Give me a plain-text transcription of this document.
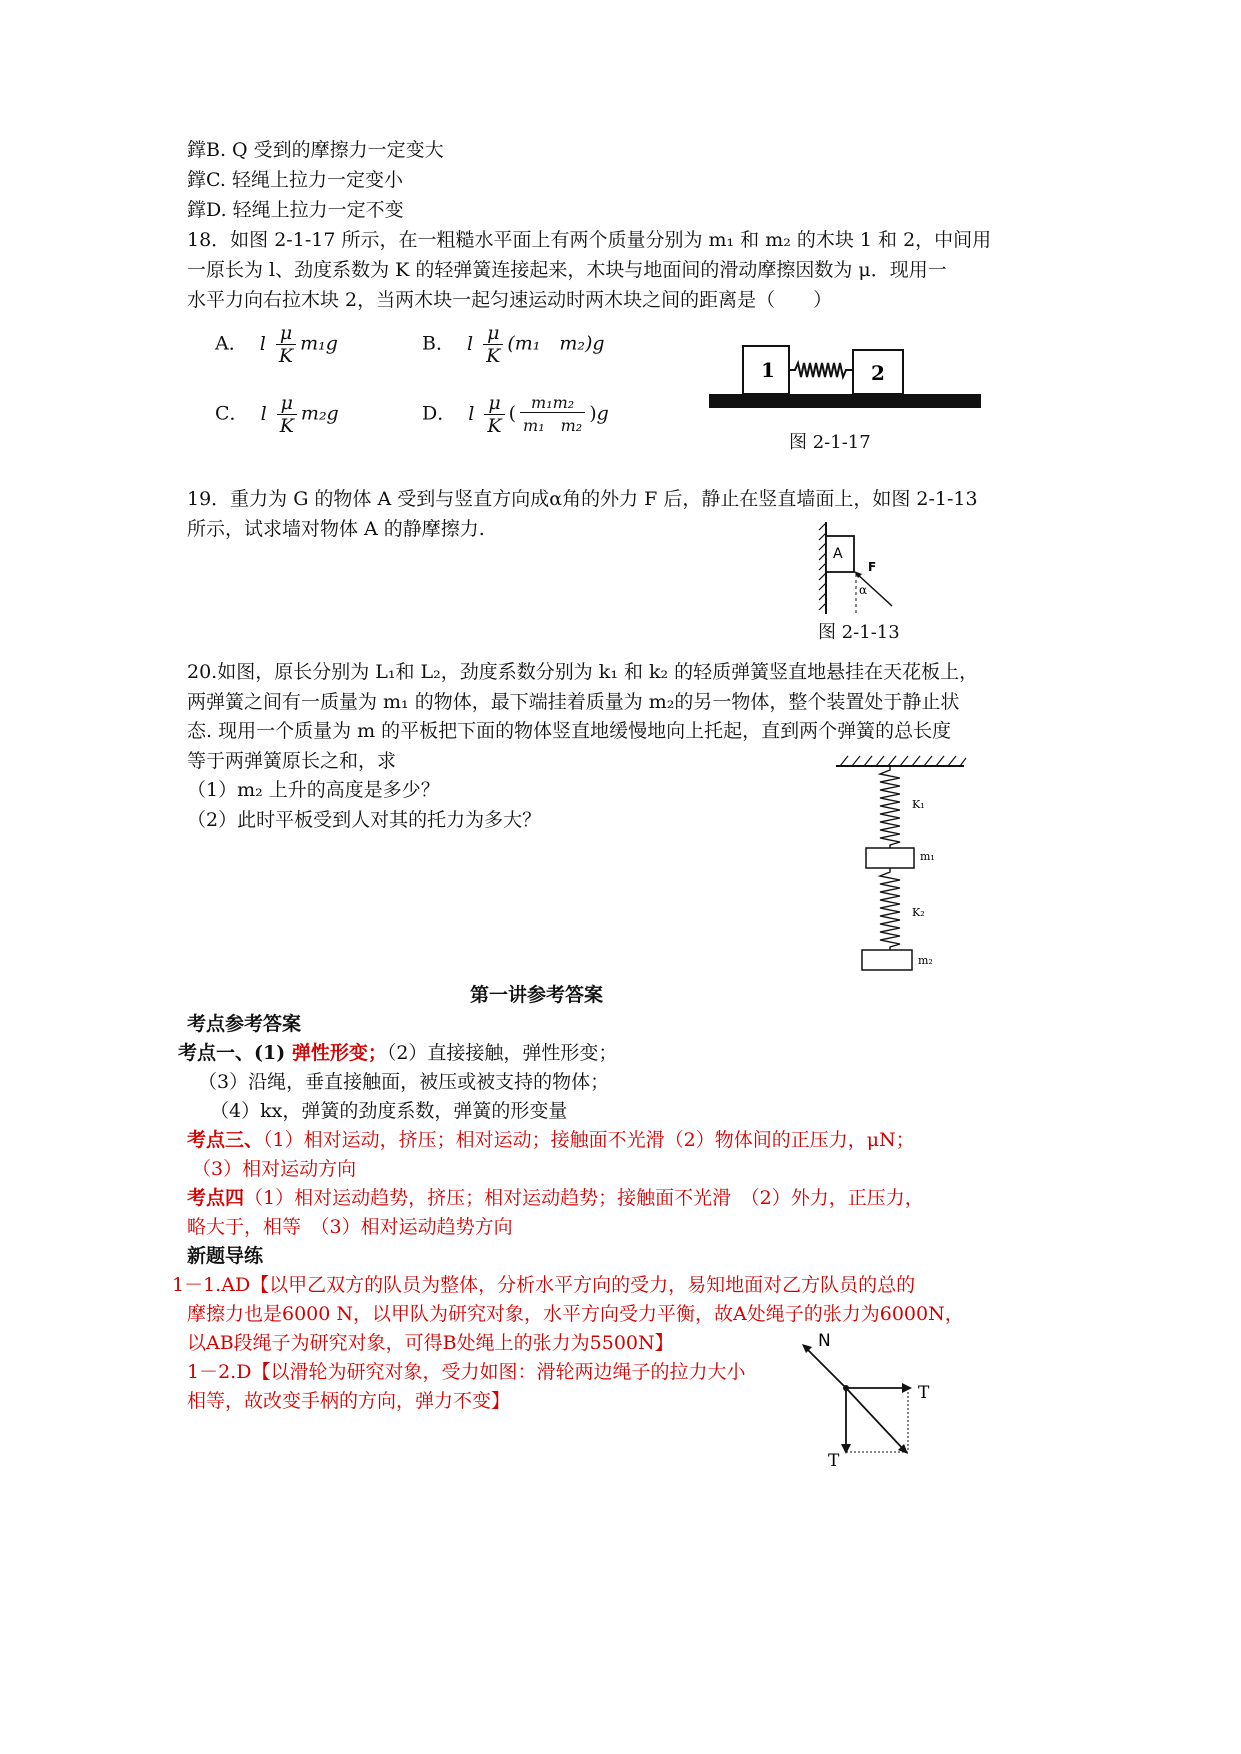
鐣B. Q 受到的摩擦力一定变大
鐣C. 轻绳上拉力一定变小
鐣D. 轻绳上拉力一定不变
18．如图 2-1-17 所示，在一粗糙水平面上有两个质量分别为 m₁ 和 m₂ 的木块 1 和 2，中间用
一原长为 l、劲度系数为 K 的轻弹簧连接起来，木块与地面间的滑动摩擦因数为 μ．现用一
水平力向右拉木块 2，当两木块一起匀速运动时两木块之间的距离是（　　）
A． l $\frac{\mu}{K} m_1g$	B． l $\frac{\mu}{K} (m_1$　m₂)g
C． l $\frac{\mu}{K} m_2g$	D． l $\frac{\mu}{K}$ ( $\frac{\text{m₁m₂}}{\text{m₁　m₂}} )g$
1	2
图 2-1-17
19．重力为 G 的物体 A 受到与竖直方向成α角的外力 F 后，静止在竖直墙面上，如图 2-1-13
所示，试求墙对物体 A 的静摩擦力.
A
F
α
图 2-1-13
20.如图，原长分别为 L₁和 L₂，劲度系数分别为 k₁ 和 k₂ 的轻质弹簧竖直地悬挂在天花板上，
两弹簧之间有一质量为 m₁ 的物体，最下端挂着质量为 m₂的另一物体，整个装置处于静止状
态. 现用一个质量为 m 的平板把下面的物体竖直地缓慢地向上托起，直到两个弹簧的总长度
等于两弹簧原长之和，求
（1）m₂ 上升的高度是多少？
（2）此时平板受到人对其的托力为多大？
K₁
m₁
K₂
m₂
第一讲参考答案
考点参考答案
考点一、(1) 弹性形变；（2）直接接触，弹性形变；
（3）沿绳，垂直接触面，被压或被支持的物体；
（4）kx，弹簧的劲度系数，弹簧的形变量
考点三、（1）相对运动，挤压；相对运动；接触面不光滑（2）物体间的正压力，μN；
（3）相对运动方向
考点四（1）相对运动趋势，挤压；相对运动趋势；接触面不光滑　（2）外力，正压力，
略大于，相等　（3）相对运动趋势方向
新题导练
1－1.AD【以甲乙双方的队员为整体，分析水平方向的受力，易知地面对乙方队员的总的
摩擦力也是6000 N，以甲队为研究对象，水平方向受力平衡，故A处绳子的张力为6000N，
以AB段绳子为研究对象，可得B处绳上的张力为5500N】
1－2.D【以滑轮为研究对象，受力如图：滑轮两边绳子的拉力大小
相等，故改变手柄的方向，弹力不变】
N
T
T
